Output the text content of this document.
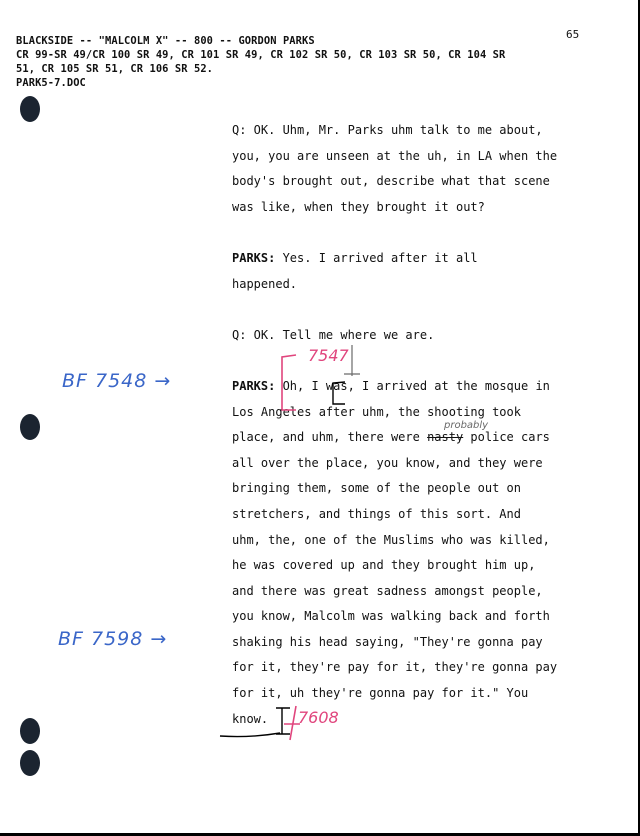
65
BLACKSIDE -- "MALCOLM X" -- 800 -- GORDON PARKS
CR 99-SR 49/CR 100 SR 49, CR 101 SR 49, CR 102 SR 50, CR 103 SR 50, CR 104 SR
51, CR 105 SR 51, CR 106 SR 52.
PARK5-7.DOC

Q: OK. Uhm, Mr. Parks uhm talk to me about,

you, you are unseen at the uh, in LA when the

body's brought out, describe what that scene

was like, when they brought it out?

PARKS: Yes. I arrived after it all

happened.

Q: OK. Tell me where we are.

PARKS: Oh, I was, I arrived at the mosque in

Los Angeles after uhm, the shooting took

place, and uhm, there were nasty police cars

all over the place, you know, and they were

bringing them, some of the people out on

stretchers, and things of this sort. And

uhm, the, one of the Muslims who was killed,

he was covered up and they brought him up,

and there was great sadness amongst people,

you know, Malcolm was walking back and forth

shaking his head saying, "They're gonna pay

for it, they're pay for it, they're gonna pay

for it, uh they're gonna pay for it." You

know.

BF 7548 →
BF 7598 →
7547
7608
probably
